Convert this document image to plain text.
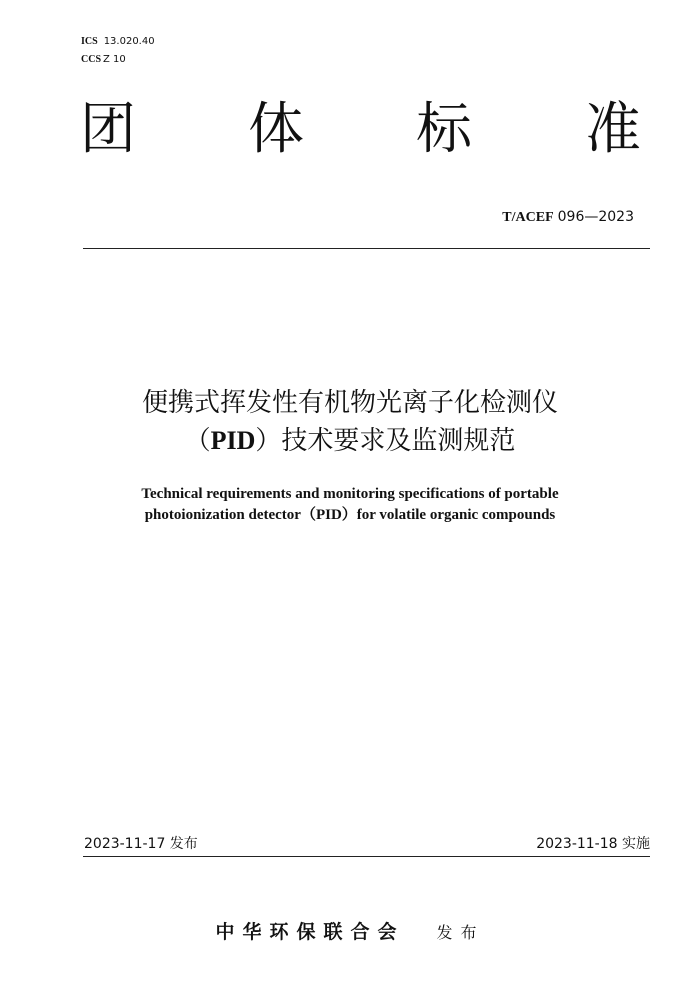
ICS 13.020.40
CCS Z 10
团 体 标 准
T/ACEF 096—2023
便携式挥发性有机物光离子化检测仪
（PID）技术要求及监测规范
Technical requirements and monitoring specifications of portable
photoionization detector（PID）for volatile organic compounds
2023-11-17 发布	2023-11-18 实施
中华环保联合会 发布
